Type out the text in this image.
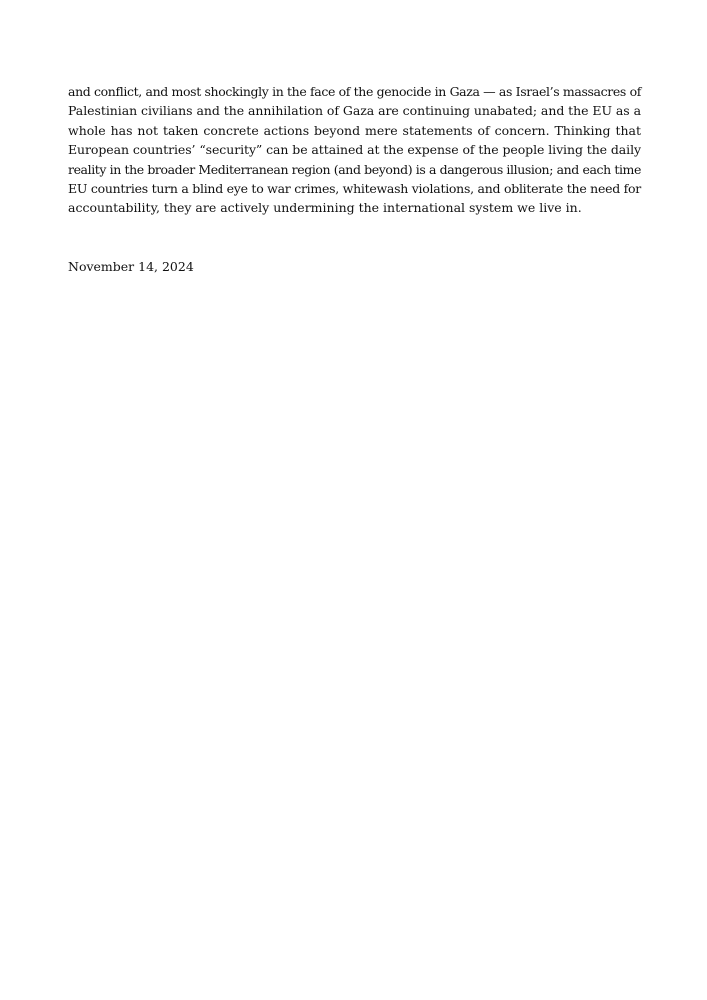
and conflict, and most shockingly in the face of the genocide in Gaza — as Israel’s massacres of
Palestinian civilians and the annihilation of Gaza are continuing unabated; and the EU as a
whole has not taken concrete actions beyond mere statements of concern. Thinking that
European countries’ “security” can be attained at the expense of the people living the daily
reality in the broader Mediterranean region (and beyond) is a dangerous illusion; and each time
EU countries turn a blind eye to war crimes, whitewash violations, and obliterate the need for
accountability, they are actively undermining the international system we live in.

November 14, 2024
